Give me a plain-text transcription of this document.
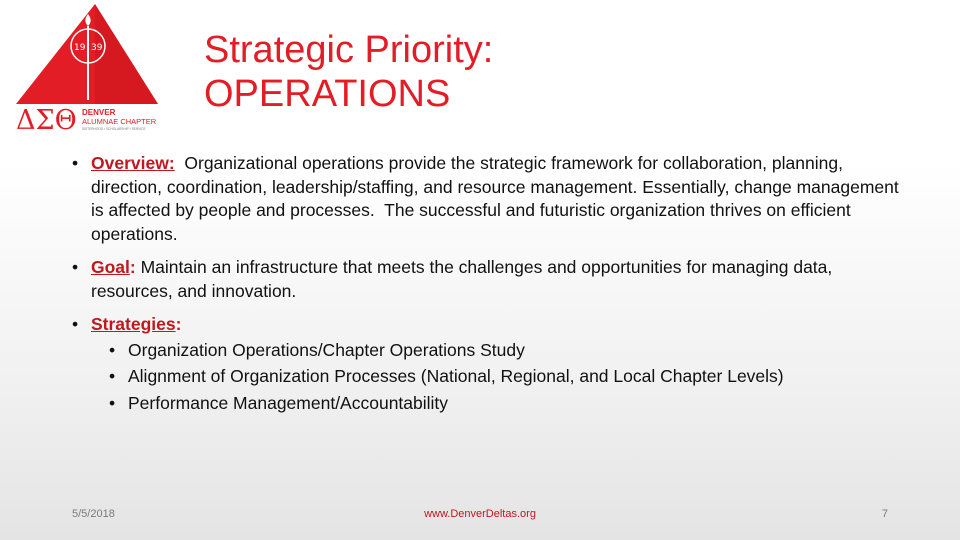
19 39
ΔΣΘ DENVER
ALUMNAE CHAPTER
SISTERHOOD • SCHOLARSHIP • SERVICE
Strategic Priority:
OPERATIONS
• Overview:  Organizational operations provide the strategic framework for collaboration, planning, direction, coordination, leadership/staffing, and resource management. Essentially, change management is affected by people and processes.  The successful and futuristic organization thrives on efficient operations.
• Goal: Maintain an infrastructure that meets the challenges and opportunities for managing data, resources, and innovation.
• Strategies:
• Organization Operations/Chapter Operations Study
• Alignment of Organization Processes (National, Regional, and Local Chapter Levels)
• Performance Management/Accountability
5/5/2018	www.DenverDeltas.org	7
